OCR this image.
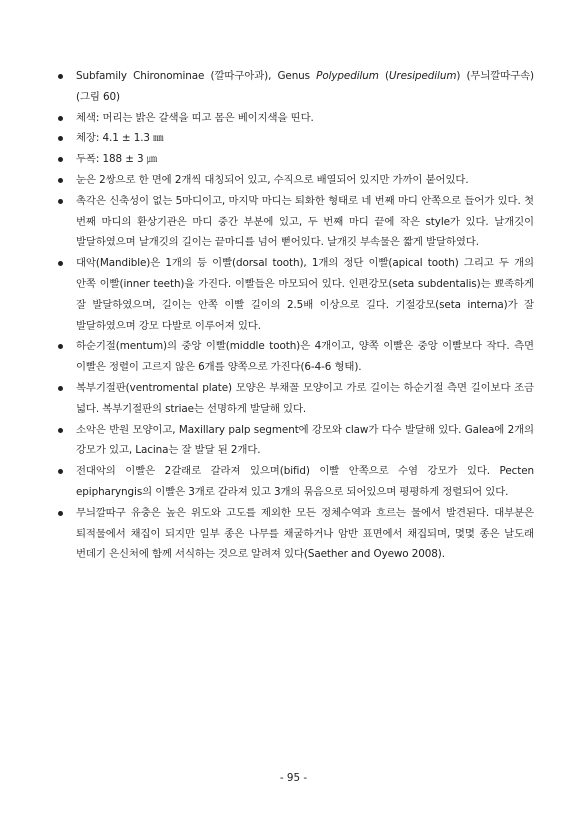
Subfamily Chironominae (깔따구아과), Genus Polypedilum (Uresipedilum) (무늬깔따구속)(그림 60)
체색: 머리는 밝은 갈색을 띠고 몸은 베이지색을 띤다.
체장: 4.1 ± 1.3 ㎜
두폭: 188 ± 3 ㎛
눈은 2쌍으로 한 면에 2개씩 대칭되어 있고, 수직으로 배열되어 있지만 가까이 붙어있다.
촉각은 신축성이 없는 5마디이고, 마지막 마디는 퇴화한 형태로 네 번째 마디 안쪽으로 들어가 있다. 첫 번째 마디의 환상기관은 마디 중간 부분에 있고, 두 번째 마디 끝에 작은 style가 있다. 날개깃이 발달하였으며 날개깃의 길이는 끝마디를 넘어 뻗어있다. 날개깃 부속물은 짧게 발달하였다.
대악(Mandible)은 1개의 등 이빨(dorsal tooth), 1개의 정단 이빨(apical tooth) 그리고 두 개의 안쪽 이빨(inner teeth)을 가진다. 이빨들은 마모되어 있다. 인편강모(seta subdentalis)는 뾰족하게 잘 발달하였으며, 길이는 안쪽 이빨 길이의 2.5배 이상으로 길다. 기절강모(seta interna)가 잘 발달하였으며 강모 다발로 이루어져 있다.
하순기절(mentum)의 중앙 이빨(middle tooth)은 4개이고, 양쪽 이빨은 중앙 이빨보다 작다. 측면 이빨은 정렬이 고르지 않은 6개를 양쪽으로 가진다(6-4-6 형태).
복부기절판(ventromental plate) 모양은 부채꼴 모양이고 가로 길이는 하순기절 측면 길이보다 조금 넓다. 복부기절판의 striae는 선명하게 발달해 있다.
소악은 반원 모양이고, Maxillary palp segment에 강모와 claw가 다수 발달해 있다. Galea에 2개의 강모가 있고, Lacina는 잘 발달 된 2개다.
전대악의 이빨은 2갈래로 갈라져 있으며(bifid) 이빨 안쪽으로 수염 강모가 있다. Pecten epipharyngis의 이빨은 3개로 갈라져 있고 3개의 묶음으로 되어있으며 평평하게 정렬되어 있다.
무늬깔따구 유충은 높은 위도와 고도를 제외한 모든 정체수역과 흐르는 물에서 발견된다. 대부분은 퇴적물에서 채집이 되지만 일부 종은 나무를 채굴하거나 암반 표면에서 채집되며, 몇몇 종은 날도래 번데기 은신처에 함께 서식하는 것으로 알려져 있다(Saether and Oyewo 2008).
- 95 -
